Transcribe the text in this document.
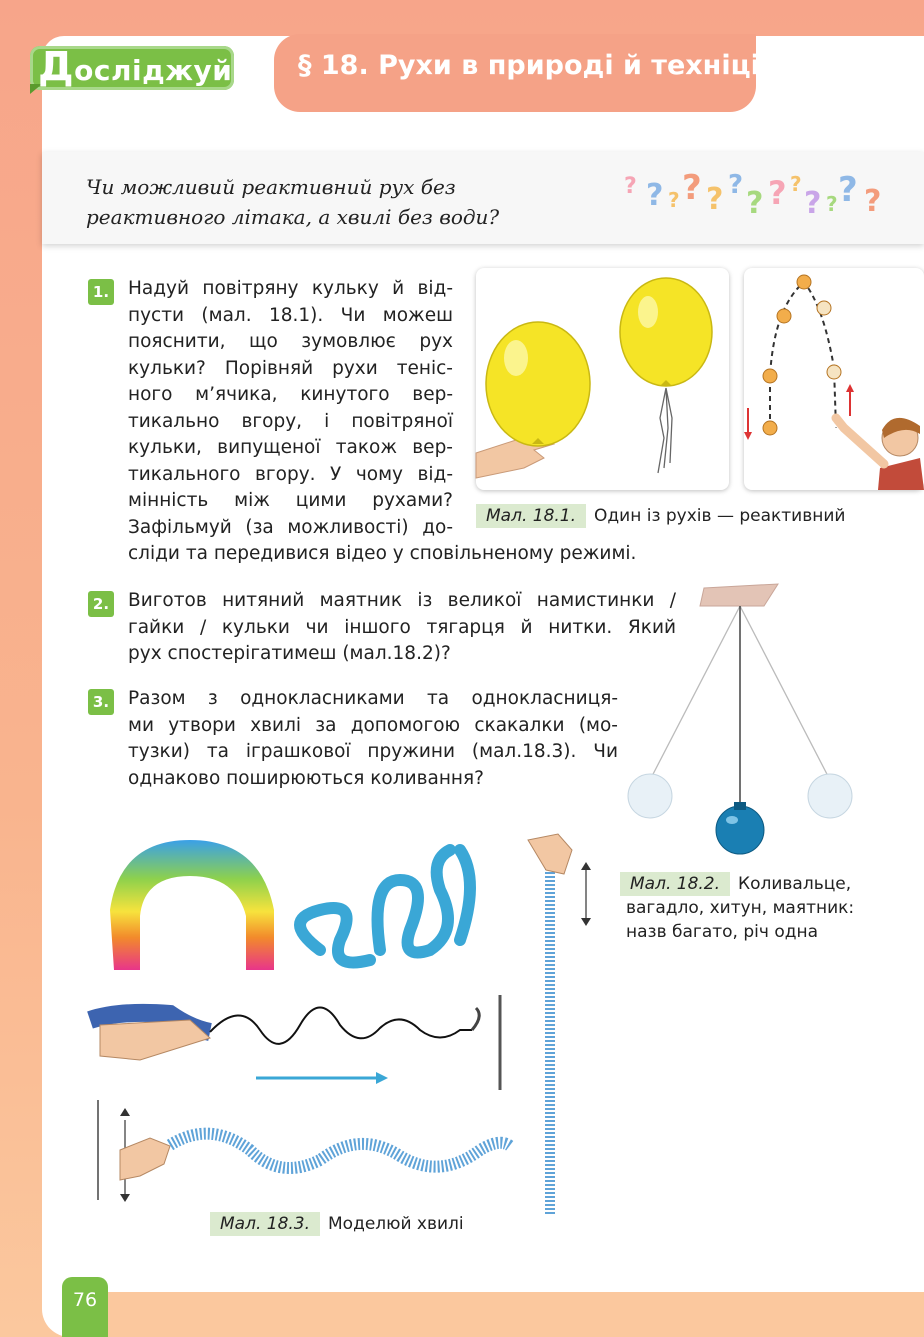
Досліджуй § 18. Рухи в природі й техніці
Чи можливий реактивний рух без
реактивного літака, а хвилі без води?
? ? ? ? ? ?
? ? ?
? ? ? ?
1. Надуй повітряну кульку й від-
пусти (мал. 18.1). Чи можеш
пояснити, що зумовлює рух
кульки? Порівняй рухи теніс-
ного м’ячика, кинутого вер-
тикально вгору, і повітряної
кульки, випущеної також вер-
тикального вгору. У чому від-
мінність між цими рухами?
Зафільмуй (за можливості) до-
сліди та передивися відео у сповільненому режимі.
Мал. 18.1. Один із рухів — реактивний
2. Виготов нитяний маятник із великої намистинки /
гайки / кульки чи іншого тягарця й нитки. Який
рух спостерігатимеш (мал.18.2)?
Мал. 18.2. Коливальце,
вагадло, хитун, маятник:
назв багато, річ одна
3. Разом з однокласниками та однокласниця-
ми утвори хвилі за допомогою скакалки (мо-
тузки) та іграшкової пружини (мал.18.3). Чи
однаково поширюються коливання?
Мал. 18.3. Моделюй хвилі
76
